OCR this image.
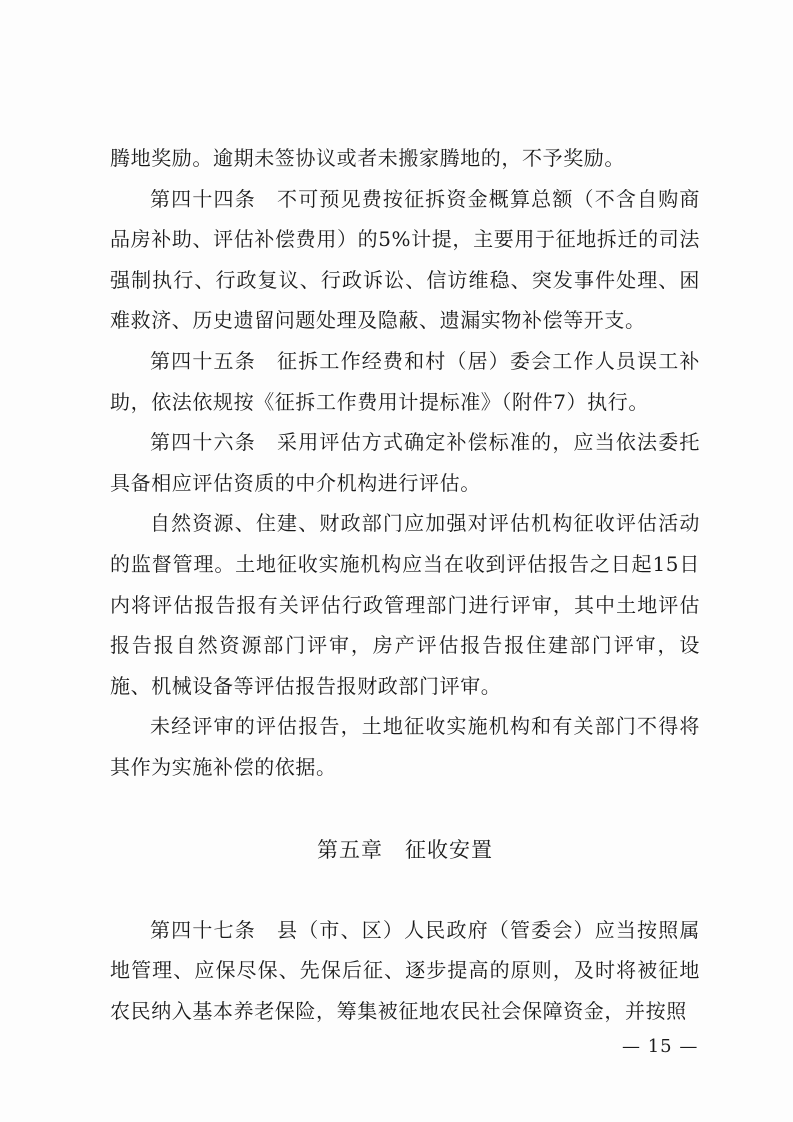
腾地奖励。逾期未签协议或者未搬家腾地的，不予奖励。

第四十四条　不可预见费按征拆资金概算总额（不含自购商品房补助、评估补偿费用）的5%计提，主要用于征地拆迁的司法强制执行、行政复议、行政诉讼、信访维稳、突发事件处理、困难救济、历史遗留问题处理及隐蔽、遗漏实物补偿等开支。

第四十五条　征拆工作经费和村（居）委会工作人员误工补助，依法依规按《征拆工作费用计提标准》（附件7）执行。

第四十六条　采用评估方式确定补偿标准的，应当依法委托具备相应评估资质的中介机构进行评估。

自然资源、住建、财政部门应加强对评估机构征收评估活动的监督管理。土地征收实施机构应当在收到评估报告之日起15日内将评估报告报有关评估行政管理部门进行评审，其中土地评估报告报自然资源部门评审，房产评估报告报住建部门评审，设施、机械设备等评估报告报财政部门评审。

未经评审的评估报告，土地征收实施机构和有关部门不得将其作为实施补偿的依据。

第五章　征收安置

第四十七条　县（市、区）人民政府（管委会）应当按照属地管理、应保尽保、先保后征、逐步提高的原则，及时将被征地农民纳入基本养老保险，筹集被征地农民社会保障资金，并按照

— 15 —
